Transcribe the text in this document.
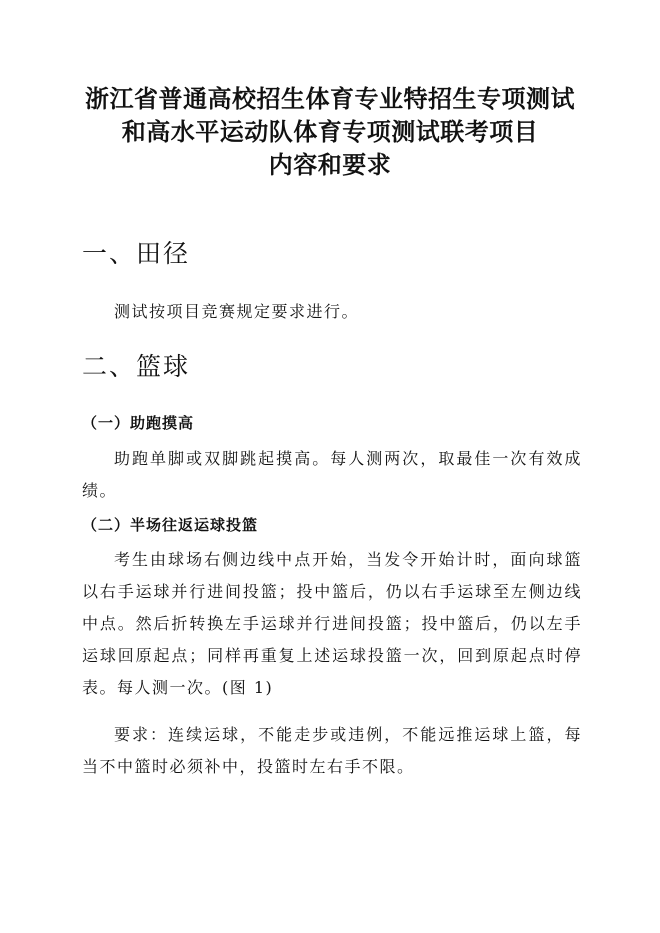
浙江省普通高校招生体育专业特招生专项测试
和高水平运动队体育专项测试联考项目
内容和要求
一、田径

测试按项目竞赛规定要求进行。

二、篮球
（一）助跑摸高

助跑单脚或双脚跳起摸高。每人测两次，取最佳一次有效成绩。

（二）半场往返运球投篮

考生由球场右侧边线中点开始，当发令开始计时，面向球篮以右手运球并行进间投篮；投中篮后，仍以右手运球至左侧边线中点。然后折转换左手运球并行进间投篮；投中篮后，仍以左手运球回原起点；同样再重复上述运球投篮一次，回到原起点时停表。每人测一次。(图 1)

要求：连续运球，不能走步或违例，不能远推运球上篮，每当不中篮时必须补中，投篮时左右手不限。
